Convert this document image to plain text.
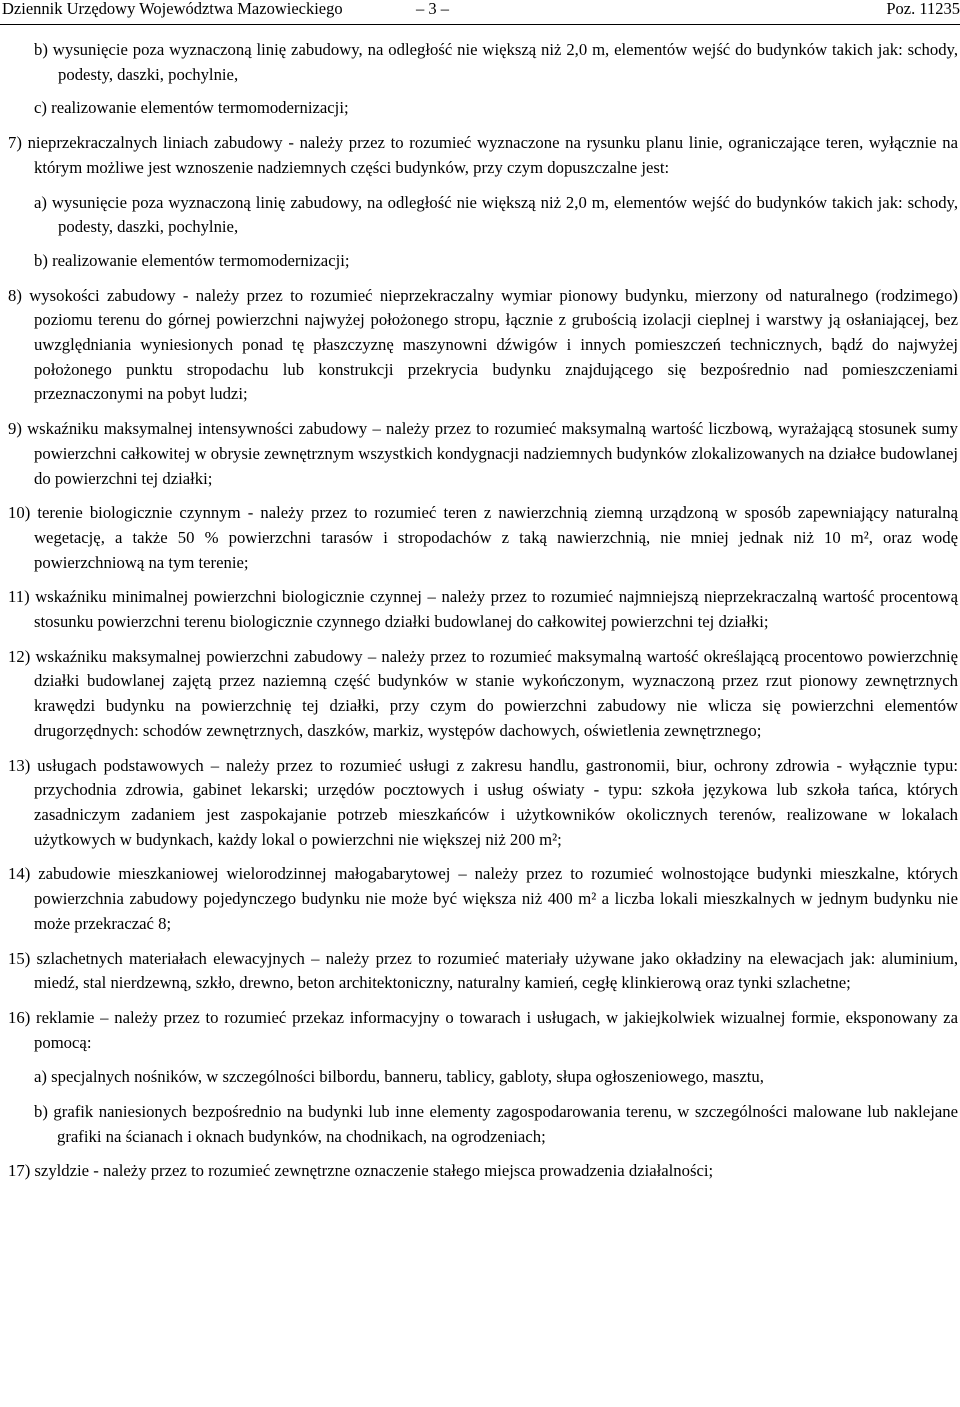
Dziennik Urzędowy Województwa Mazowieckiego	– 3 –	Poz. 11235

b) wysunięcie poza wyznaczoną linię zabudowy, na odległość nie większą niż 2,0 m, elementów wejść do budynków takich jak: schody, podesty, daszki, pochylnie,

c) realizowanie elementów termomodernizacji;

7) nieprzekraczalnych liniach zabudowy - należy przez to rozumieć wyznaczone na rysunku planu linie, ograniczające teren, wyłącznie na którym możliwe jest wznoszenie nadziemnych części budynków, przy czym dopuszczalne jest:

a) wysunięcie poza wyznaczoną linię zabudowy, na odległość nie większą niż 2,0 m, elementów wejść do budynków takich jak: schody, podesty, daszki, pochylnie,

b) realizowanie elementów termomodernizacji;

8) wysokości zabudowy - należy przez to rozumieć nieprzekraczalny wymiar pionowy budynku, mierzony od naturalnego (rodzimego) poziomu terenu do górnej powierzchni najwyżej położonego stropu, łącznie z grubością izolacji cieplnej i warstwy ją osłaniającej, bez uwzględniania wyniesionych ponad tę płaszczyznę maszynowni dźwigów i innych pomieszczeń technicznych, bądź do najwyżej położonego punktu stropodachu lub konstrukcji przekrycia budynku znajdującego się bezpośrednio nad pomieszczeniami przeznaczonymi na pobyt ludzi;

9) wskaźniku maksymalnej intensywności zabudowy – należy przez to rozumieć maksymalną wartość liczbową, wyrażającą stosunek sumy powierzchni całkowitej w obrysie zewnętrznym wszystkich kondygnacji nadziemnych budynków zlokalizowanych na działce budowlanej do powierzchni tej działki;

10) terenie biologicznie czynnym - należy przez to rozumieć teren z nawierzchnią ziemną urządzoną w sposób zapewniający naturalną wegetację, a także 50 % powierzchni tarasów i stropodachów z taką nawierzchnią, nie mniej jednak niż 10 m², oraz wodę powierzchniową na tym terenie;

11) wskaźniku minimalnej powierzchni biologicznie czynnej – należy przez to rozumieć najmniejszą nieprzekraczalną wartość procentową stosunku powierzchni terenu biologicznie czynnego działki budowlanej do całkowitej powierzchni tej działki;

12) wskaźniku maksymalnej powierzchni zabudowy – należy przez to rozumieć maksymalną wartość określającą procentowo powierzchnię działki budowlanej zajętą przez naziemną część budynków w stanie wykończonym, wyznaczoną przez rzut pionowy zewnętrznych krawędzi budynku na powierzchnię tej działki, przy czym do powierzchni zabudowy nie wlicza się powierzchni elementów drugorzędnych: schodów zewnętrznych, daszków, markiz, występów dachowych, oświetlenia zewnętrznego;

13) usługach podstawowych – należy przez to rozumieć usługi z zakresu handlu, gastronomii, biur, ochrony zdrowia - wyłącznie typu: przychodnia zdrowia, gabinet lekarski; urzędów pocztowych i usług oświaty - typu: szkoła językowa lub szkoła tańca, których zasadniczym zadaniem jest zaspokajanie potrzeb mieszkańców i użytkowników okolicznych terenów, realizowane w lokalach użytkowych w budynkach, każdy lokal o powierzchni nie większej niż 200 m²;

14) zabudowie mieszkaniowej wielorodzinnej małogabarytowej – należy przez to rozumieć wolnostojące budynki mieszkalne, których powierzchnia zabudowy pojedynczego budynku nie może być większa niż 400 m² a liczba lokali mieszkalnych w jednym budynku nie może przekraczać 8;

15) szlachetnych materiałach elewacyjnych – należy przez to rozumieć materiały używane jako okładziny na elewacjach jak: aluminium, miedź, stal nierdzewną, szkło, drewno, beton architektoniczny, naturalny kamień, cegłę klinkierową oraz tynki szlachetne;

16) reklamie – należy przez to rozumieć przekaz informacyjny o towarach i usługach, w jakiejkolwiek wizualnej formie, eksponowany za pomocą:

a) specjalnych nośników, w szczególności bilbordu, banneru, tablicy, gabloty, słupa ogłoszeniowego, masztu,

b) grafik naniesionych bezpośrednio na budynki lub inne elementy zagospodarowania terenu, w szczególności malowane lub naklejane grafiki na ścianach i oknach budynków, na chodnikach, na ogrodzeniach;

17) szyldzie - należy przez to rozumieć zewnętrzne oznaczenie stałego miejsca prowadzenia działalności;
